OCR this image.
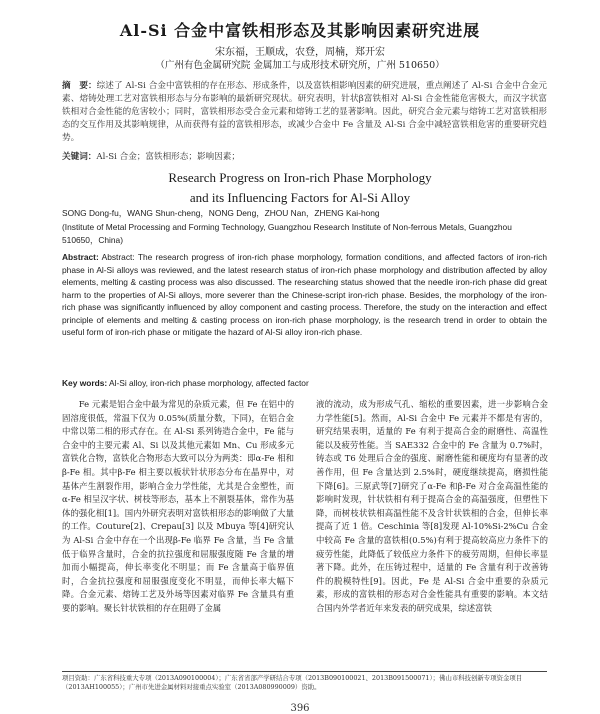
Al-Si 合金中富铁相形态及其影响因素研究进展
宋东福，王顺成，农登，周楠，郑开宏
（广州有色金属研究院 金属加工与成形技术研究所，广州 510650）
摘　要：综述了 Al-Si 合金中富铁相的存在形态、形成条件，以及富铁相影响因素的研究进展，重点阐述了 Al-Si 合金中合金元素、熔铸处理工艺对富铁相形态与分布影响的最新研究现状。研究表明，针状β富铁相对 Al-Si 合金性能危害极大，而汉字状富铁相对合金性能的危害较小；同时，富铁相形态受合金元素和熔铸工艺的显著影响。因此，研究合金元素与熔铸工艺对富铁相形态的交互作用及其影响规律，从而获得有益的富铁相形态，或减少合金中 Fe 含量及 Al-Si 合金中减轻富铁相危害的重要研究趋势。
关键词：Al-Si 合金；富铁相形态；影响因素；
Research Progress on Iron-rich Phase Morphology
and its Influencing Factors for Al-Si Alloy
SONG Dong-fu，WANG Shun-cheng，NONG Deng，ZHOU Nan，ZHENG Kai-hong
(Institute of Metal Processing and Forming Technology, Guangzhou Research Institute of Non-ferrous Metals, Guangzhou 510650，China)
Abstract: Abstract: The research progress of iron-rich phase morphology, formation conditions, and affected factors of iron-rich phase in Al-Si alloys was reviewed, and the latest research status of iron-rich phase morphology and distribution affected by alloy elements, melting & casting process was also discussed. The researching status showed that the needle iron-rich phase did great harm to the properties of Al-Si alloys, more severer than the Chinese-script iron-rich phase. Besides, the morphology of the iron-rich phase was significantly influenced by alloy component and casting process. Therefore, the study on the interaction and effect principle of elements and melting & casting process on iron-rich phase morphology, is the research trend in order to obtain the useful form of iron-rich phase or mitigate the hazard of Al-Si alloy iron-rich phase.
Key words: Al-Si alloy, iron-rich phase morphology, affected factor
Fe 元素是铝合金中最为常见的杂质元素，但 Fe 在铝中的固溶度很低，常温下仅为 0.05%(质量分数，下同)，在铝合金中常以第二相的形式存在。在 Al-Si 系列铸造合金中，Fe 能与合金中的主要元素 Al、Si 以及其他元素如 Mn、Cu 形成多元富铁化合物，富铁化合物形态大致可以分为两类：即α-Fe 相和β-Fe 相。其中β-Fe 相主要以板状针状形态分布在晶界中，对基体产生割裂作用，影响合金力学性能，尤其是合金塑性，而α-Fe 相呈汉字状、树枝等形态，基本上不割裂基体，常作为基体的强化相[1]。国内外研究表明对富铁相形态的影响做了大量的工作。Couture[2]、Crepau[3] 以及 Mbuya 等[4]研究认为 Al-Si 合金中存在一个出现β-Fe 临界 Fe 含量，当 Fe 含量低于临界含量时，合金的抗拉强度和屈服强度随 Fe 含量的增加而小幅提高，伸长率变化不明显；而 Fe 含量高于临界值时，合金抗拉强度和屈服强度变化不明显，而伸长率大幅下降。合金元素、熔铸工艺及外场等因素对临界 Fe 含量具有重要的影响。聚长针状铁相的存在阻碍了金属
液的流动，成为形成气孔、缩松的重要因素，进一步影响合金力学性能[5]。然而，Al-Si 合金中 Fe 元素并不都是有害的，研究结果表明，适量的 Fe 有利于提高合金的耐磨性、高温性能以及疲劳性能。当 SAE332 合金中的 Fe 含量为 0.7%时，铸态或 T6 处理后合金的强度、耐磨性能和硬度均有显著的改善作用，但 Fe 含量达到 2.5%时，硬度继续提高，磨损性能下降[6]。三原武等[7]研究了α-Fe 和β-Fe 对合金高温性能的影响时发现，针状铁相有利于提高合金的高温强度，但塑性下降，而树枝状铁相高温性能不及含针状铁相的合金，但伸长率提高了近 1 倍。Ceschinia 等[8]发现 Al-10%Si-2%Cu 合金中较高 Fe 含量的富铁相(0.5%)有利于提高较高应力条件下的疲劳性能，此降低了较低应力条件下的疲劳周期，但伸长率显著下降。此外，在压铸过程中，适量的 Fe 含量有利于改善铸件的脱模特性[9]。因此，Fe 是 Al-Si 合金中重要的杂质元素，形成的富铁相的形态对合金性能具有重要的影响。本文结合国内外学者近年来发表的研究成果，综述富铁
项目资助：广东省科技重大专项（2013A090100004）；广东省省部产学研结合专项（2013B090100021、2013B091500071）；佛山市科技创新专项资金项目（2013AH100055）；广州市先进金属材料对接重点实验室（2013A080990009）资助。
396
